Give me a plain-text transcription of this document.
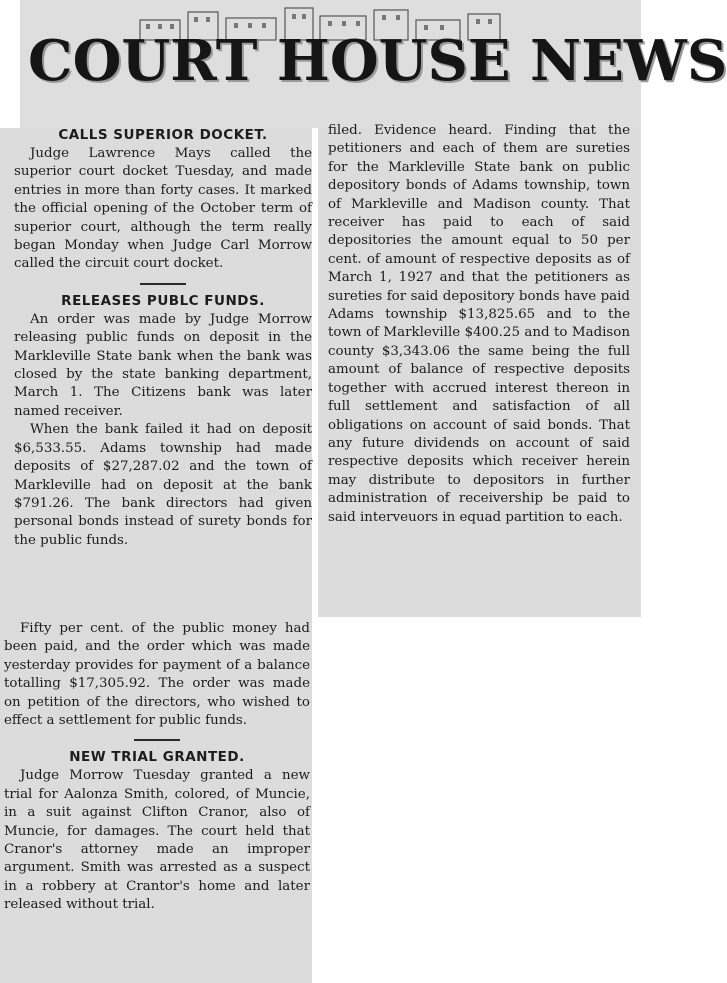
COURT HOUSE NEWS
CALLS SUPERIOR DOCKET.

Judge Lawrence Mays called the superior court docket Tuesday, and made entries in more than forty cases. It marked the official opening of the October term of superior court, although the term really began Monday when Judge Carl Morrow called the circuit court docket.

RELEASES PUBLC FUNDS.

An order was made by Judge Morrow releasing public funds on deposit in the Markleville State bank when the bank was closed by the state banking department, March 1. The Citizens bank was later named receiver.

When the bank failed it had on deposit $6,533.55. Adams township had made deposits of $27,287.02 and the town of Markleville had on deposit at the bank $791.26. The bank directors had given personal bonds instead of surety bonds for the public funds.

Fifty per cent. of the public money had been paid, and the order which was made yesterday provides for payment of a balance totalling $17,305.92. The order was made on petition of the directors, who wished to effect a settlement for public funds.

NEW TRIAL GRANTED.

Judge Morrow Tuesday granted a new trial for Aalonza Smith, colored, of Muncie, in a suit against Clifton Cranor, also of Muncie, for damages. The court held that Cranor's attorney made an improper argument. Smith was arrested as a suspect in a robbery at Crantor's home and later released without trial.

filed. Evidence heard. Finding that the petitioners and each of them are sureties for the Markleville State bank on public depository bonds of Adams township, town of Markleville and Madison county. That receiver has paid to each of said depositories the amount equal to 50 per cent. of amount of respective deposits as of March 1, 1927 and that the petitioners as sureties for said depository bonds have paid Adams township $13,825.65 and to the town of Markleville $400.25 and to Madison county $3,343.06 the same being the full amount of balance of respective deposits together with accrued interest thereon in full settlement and satisfaction of all obligations on account of said bonds. That any future dividends on account of said respective deposits which receiver herein may distribute to depositors in further administration of receivership be paid to said interveuors in equad partition to each.
